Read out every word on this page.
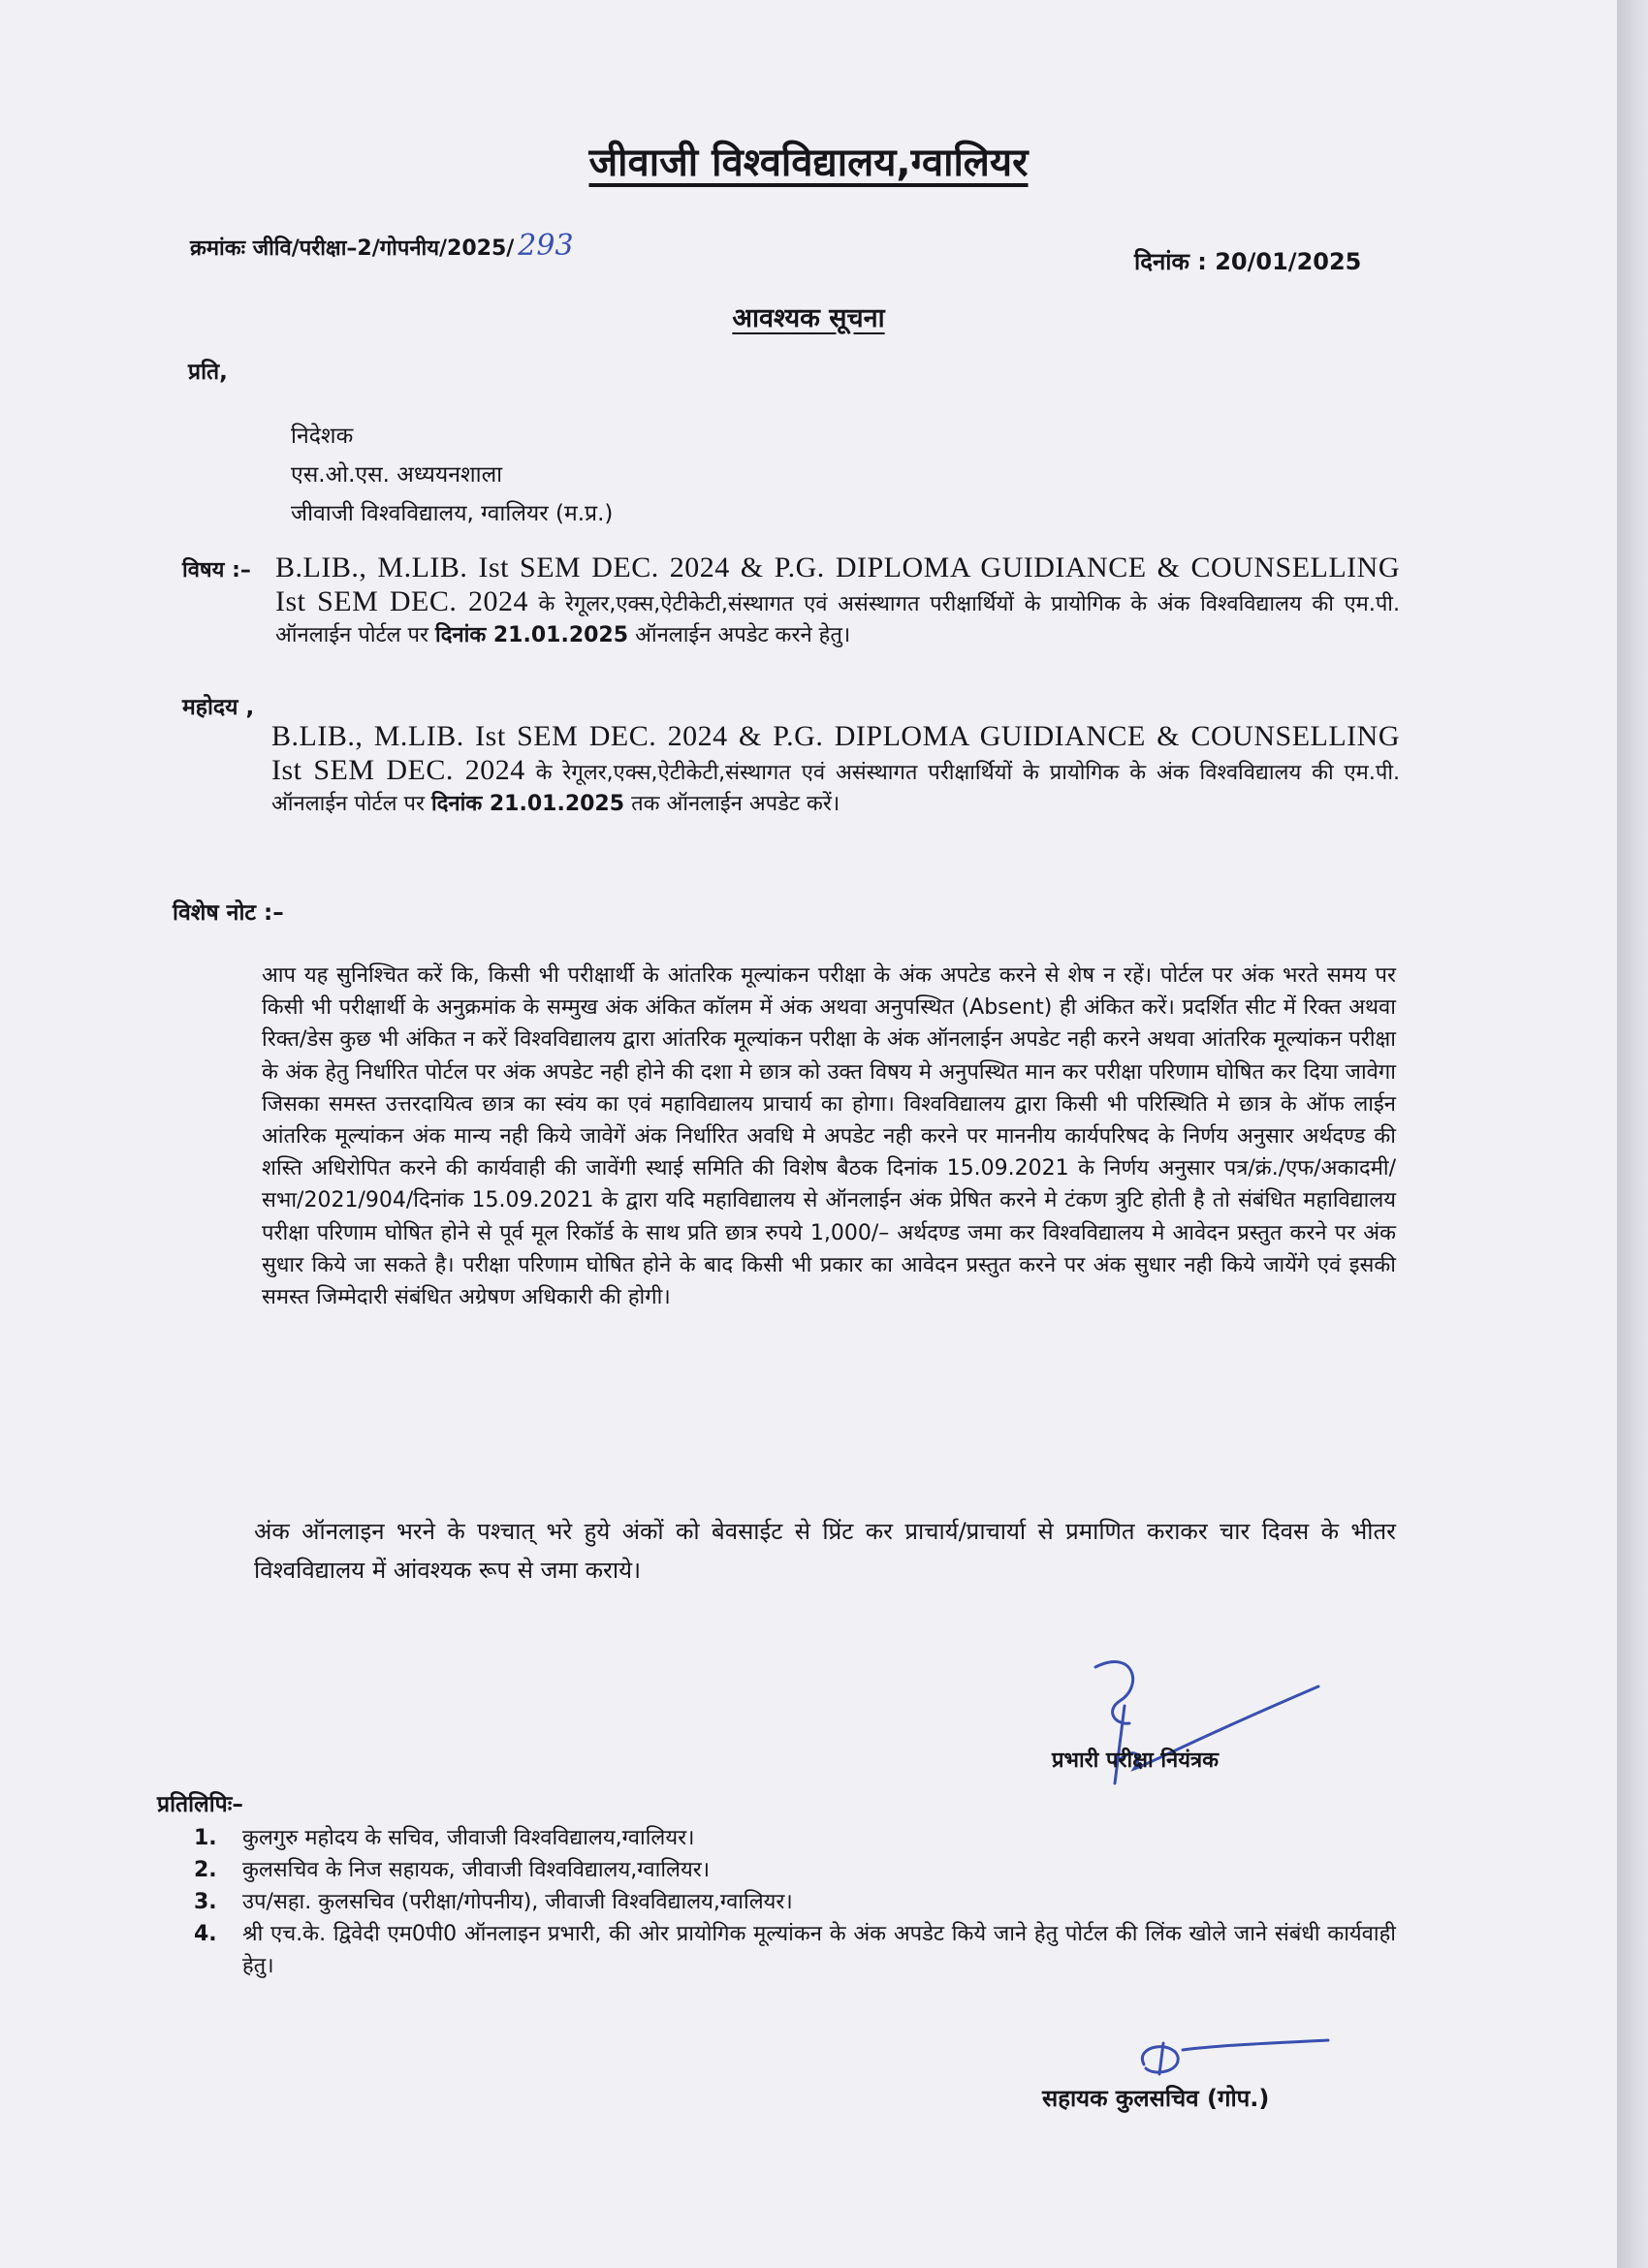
जीवाजी विश्वविद्यालय,ग्वालियर
क्रमांकः जीवि/परीक्षा–2/गोपनीय/2025/ 293	दिनांक : 20/01/2025
आवश्यक सूचना
प्रति,
निदेशक
एस.ओ.एस. अध्ययनशाला
जीवाजी विश्वविद्यालय, ग्वालियर (म.प्र.)
विषय :– B.LIB., M.LIB. Ist SEM DEC. 2024 & P.G. DIPLOMA GUIDIANCE & COUNSELLING Ist SEM DEC. 2024 के रेगूलर,एक्स,ऐटीकेटी,संस्थागत एवं असंस्थागत परीक्षार्थियों के प्रायोगिक के अंक विश्वविद्यालय की एम.पी. ऑनलाईन पोर्टल पर दिनांक 21.01.2025 ऑनलाईन अपडेट करने हेतु।
महोदय ,
B.LIB., M.LIB. Ist SEM DEC. 2024 & P.G. DIPLOMA GUIDIANCE & COUNSELLING Ist SEM DEC. 2024 के रेगूलर,एक्स,ऐटीकेटी,संस्थागत एवं असंस्थागत परीक्षार्थियों के प्रायोगिक के अंक विश्वविद्यालय की एम.पी. ऑनलाईन पोर्टल पर दिनांक 21.01.2025 तक ऑनलाईन अपडेट करें।
विशेष नोट :–
आप यह सुनिश्चित करें कि, किसी भी परीक्षार्थी के आंतरिक मूल्यांकन परीक्षा के अंक अपटेड करने से शेष न रहें। पोर्टल पर अंक भरते समय पर किसी भी परीक्षार्थी के अनुक्रमांक के सम्मुख अंक अंकित कॉलम में अंक अथवा अनुपस्थित (Absent) ही अंकित करें। प्रदर्शित सीट में रिक्त अथवा रिक्त/डेस कुछ भी अंकित न करें विश्वविद्यालय द्वारा आंतरिक मूल्यांकन परीक्षा के अंक ऑनलाईन अपडेट नही करने अथवा आंतरिक मूल्यांकन परीक्षा के अंक हेतु निर्धारित पोर्टल पर अंक अपडेट नही होने की दशा मे छात्र को उक्त विषय मे अनुपस्थित मान कर परीक्षा परिणाम घोषित कर दिया जावेगा जिसका समस्त उत्तरदायित्व छात्र का स्वंय का एवं महाविद्यालय प्राचार्य का होगा। विश्वविद्यालय द्वारा किसी भी परिस्थिति मे छात्र के ऑफ लाईन आंतरिक मूल्यांकन अंक मान्य नही किये जावेगें अंक निर्धारित अवधि मे अपडेट नही करने पर माननीय कार्यपरिषद के निर्णय अनुसार अर्थदण्ड की शस्ति अधिरोपित करने की कार्यवाही की जावेंगी स्थाई समिति की विशेष बैठक दिनांक 15.09.2021 के निर्णय अनुसार पत्र/क्रं./एफ/अकादमी/सभा/2021/904/दिनांक 15.09.2021 के द्वारा यदि महाविद्यालय से ऑनलाईन अंक प्रेषित करने मे टंकण त्रुटि होती है तो संबंधित महाविद्यालय परीक्षा परिणाम घोषित होने से पूर्व मूल रिकॉर्ड के साथ प्रति छात्र रुपये 1,000/– अर्थदण्ड जमा कर विश्वविद्यालय मे आवेदन प्रस्तुत करने पर अंक सुधार किये जा सकते है। परीक्षा परिणाम घोषित होने के बाद किसी भी प्रकार का आवेदन प्रस्तुत करने पर अंक सुधार नही किये जायेंगे एवं इसकी समस्त जिम्मेदारी संबंधित अग्रेषण अधिकारी की होगी।
अंक ऑनलाइन भरने के पश्चात् भरे हुये अंकों को बेवसाईट से प्रिंट कर प्राचार्य/प्राचार्या से प्रमाणित कराकर चार दिवस के भीतर विश्वविद्यालय में आंवश्यक रूप से जमा कराये।
प्रभारी परीक्षा नियंत्रक
प्रतिलिपिः–
1.	कुलगुरु महोदय के सचिव, जीवाजी विश्वविद्यालय,ग्वालियर।
2.	कुलसचिव के निज सहायक, जीवाजी विश्वविद्यालय,ग्वालियर।
3.	उप/सहा. कुलसचिव (परीक्षा/गोपनीय), जीवाजी विश्वविद्यालय,ग्वालियर।
4.	श्री एच.के. द्विवेदी एम0पी0 ऑनलाइन प्रभारी, की ओर प्रायोगिक मूल्यांकन के अंक अपडेट किये जाने हेतु पोर्टल की लिंक खोले जाने संबंधी कार्यवाही हेतु।
सहायक कुलसचिव (गोप.)
